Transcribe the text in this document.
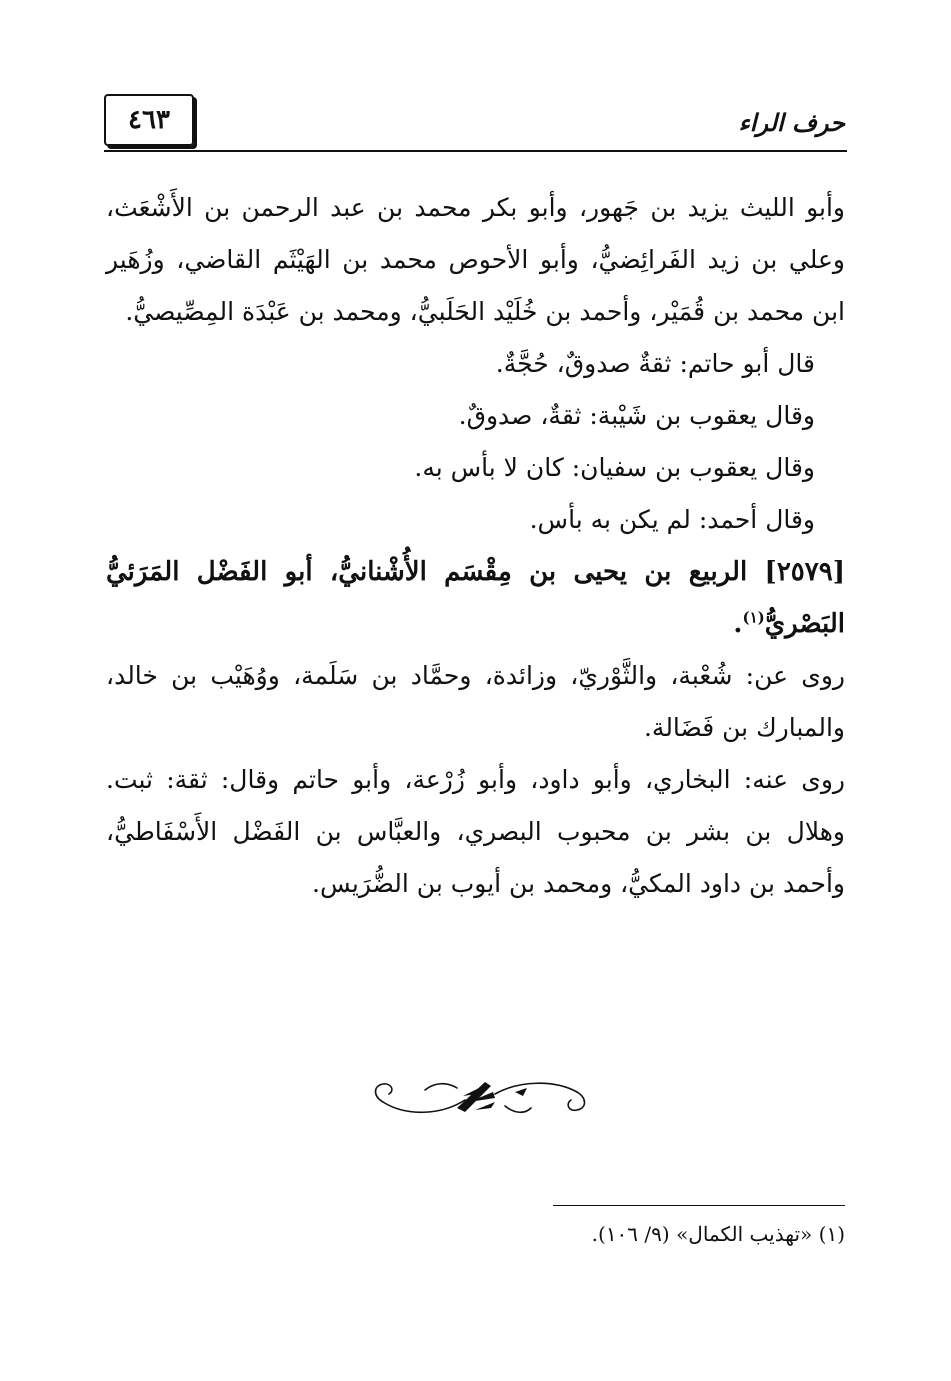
٤٦٣	حرف الراء

وأبو الليث يزيد بن جَهور، وأبو بكر محمد بن عبد الرحمن بن الأَشْعَث، وعلي بن زيد الفَرائِضيُّ، وأبو الأحوص محمد بن الهَيْثَم القاضي، وزُهَير ابن محمد بن قُمَيْر، وأحمد بن خُلَيْد الحَلَبيُّ، ومحمد بن عَبْدَة المِصِّيصيُّ.

قال أبو حاتم: ثقةٌ صدوقٌ، حُجَّةٌ.

وقال يعقوب بن شَيْبة: ثقةٌ، صدوقٌ.

وقال يعقوب بن سفيان: كان لا بأس به.

وقال أحمد: لم يكن به بأس.

[٢٥٧٩] الربيع بن يحيى بن مِقْسَم الأُشْنانيُّ، أبو الفَضْل المَرَئيُّ البَصْريُّ$^{(١)}$.

روى عن: شُعْبة، والثَّوْريّ، وزائدة، وحمَّاد بن سَلَمة، ووُهَيْب بن خالد، والمبارك بن فَضَالة.

روى عنه: البخاري، وأبو داود، وأبو زُرْعة، وأبو حاتم وقال: ثقة: ثبت. وهلال بن بشر بن محبوب البصري، والعبَّاس بن الفَضْل الأَسْفَاطيُّ، وأحمد بن داود المكيُّ، ومحمد بن أيوب بن الضُّرَيس.

(١) «تهذيب الكمال» (٩/ ١٠٦).
